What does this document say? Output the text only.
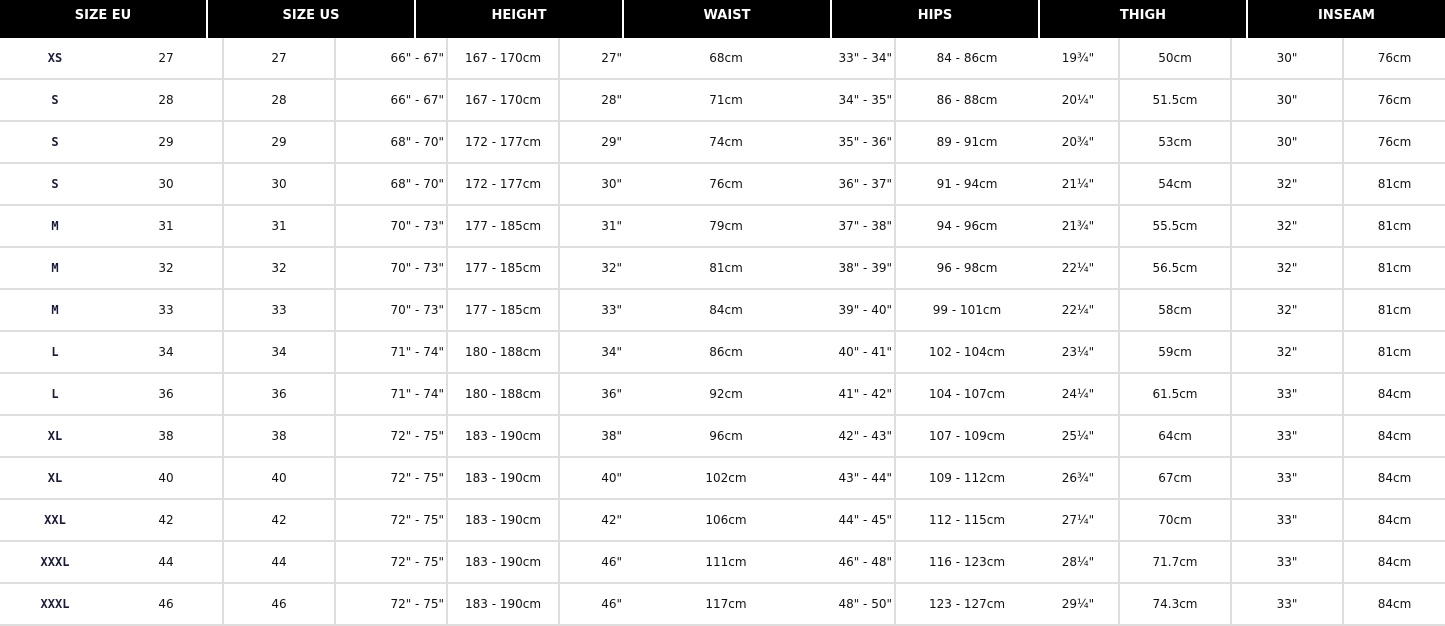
SIZE EU	SIZE US	HEIGHT	WAIST	HIPS	THIGH	INSEAM
XS	27	27	66" - 67"	167 - 170cm	27"	68cm	33" - 34"	84 - 86cm	19¾"	50cm	30"	76cm
S	28	28	66" - 67"	167 - 170cm	28"	71cm	34" - 35"	86 - 88cm	20¼"	51.5cm	30"	76cm
S	29	29	68" - 70"	172 - 177cm	29"	74cm	35" - 36"	89 - 91cm	20¾"	53cm	30"	76cm
S	30	30	68" - 70"	172 - 177cm	30"	76cm	36" - 37"	91 - 94cm	21¼"	54cm	32"	81cm
M	31	31	70" - 73"	177 - 185cm	31"	79cm	37" - 38"	94 - 96cm	21¾"	55.5cm	32"	81cm
M	32	32	70" - 73"	177 - 185cm	32"	81cm	38" - 39"	96 - 98cm	22¼"	56.5cm	32"	81cm
M	33	33	70" - 73"	177 - 185cm	33"	84cm	39" - 40"	99 - 101cm	22¼"	58cm	32"	81cm
L	34	34	71" - 74"	180 - 188cm	34"	86cm	40" - 41"	102 - 104cm	23¼"	59cm	32"	81cm
L	36	36	71" - 74"	180 - 188cm	36"	92cm	41" - 42"	104 - 107cm	24¼"	61.5cm	33"	84cm
XL	38	38	72" - 75"	183 - 190cm	38"	96cm	42" - 43"	107 - 109cm	25¼"	64cm	33"	84cm
XL	40	40	72" - 75"	183 - 190cm	40"	102cm	43" - 44"	109 - 112cm	26¾"	67cm	33"	84cm
XXL	42	42	72" - 75"	183 - 190cm	42"	106cm	44" - 45"	112 - 115cm	27¼"	70cm	33"	84cm
XXXL	44	44	72" - 75"	183 - 190cm	46"	111cm	46" - 48"	116 - 123cm	28¼"	71.7cm	33"	84cm
XXXL	46	46	72" - 75"	183 - 190cm	46"	117cm	48" - 50"	123 - 127cm	29¼"	74.3cm	33"	84cm
